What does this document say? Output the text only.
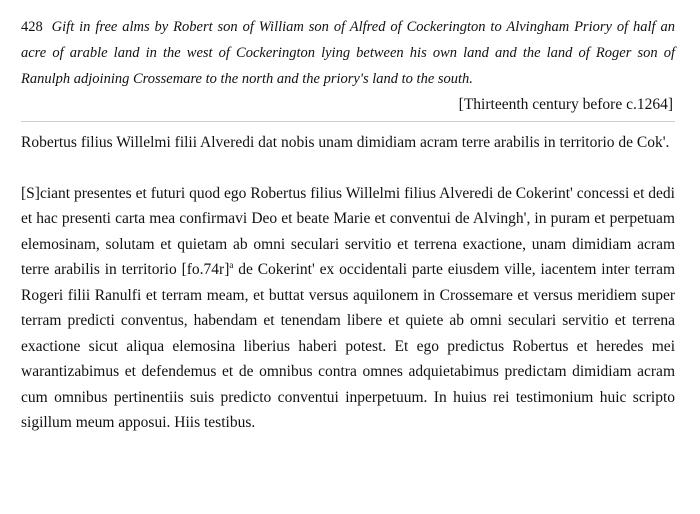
428 Gift in free alms by Robert son of William son of Alfred of Cockerington to Alvingham Priory of half an acre of arable land in the west of Cockerington lying between his own land and the land of Roger son of Ranulph adjoining Crossemare to the north and the priory's land to the south.

[Thirteenth century before c.1264]

Robertus filius Willelmi filii Alveredi dat nobis unam dimidiam acram terre arabilis in territorio de Cok'.

[S]ciant presentes et futuri quod ego Robertus filius Willelmi filius Alveredi de Cokerint' concessi et dedi et hac presenti carta mea confirmavi Deo et beate Marie et conventui de Alvingh', in puram et perpetuam elemosinam, solutam et quietam ab omni seculari servitio et terrena exactione, unam dimidiam acram terre arabilis in territorio $[fo.74r]^a$ de Cokerint' ex occidentali parte eiusdem ville, iacentem inter terram Rogeri filii Ranulfi et terram meam, et buttat versus aquilonem in Crossemare et versus meridiem super terram predicti conventus, habendam et tenendam libere et quiete ab omni seculari servitio et terrena exactione sicut aliqua elemosina liberius haberi potest. Et ego predictus Robertus et heredes mei warantizabimus et defendemus et de omnibus contra omnes adquietabimus predictam dimidiam acram cum omnibus pertinentiis suis predicto conventui inperpetuum. In huius rei testimonium huic scripto sigillum meum apposui. Hiis testibus.
